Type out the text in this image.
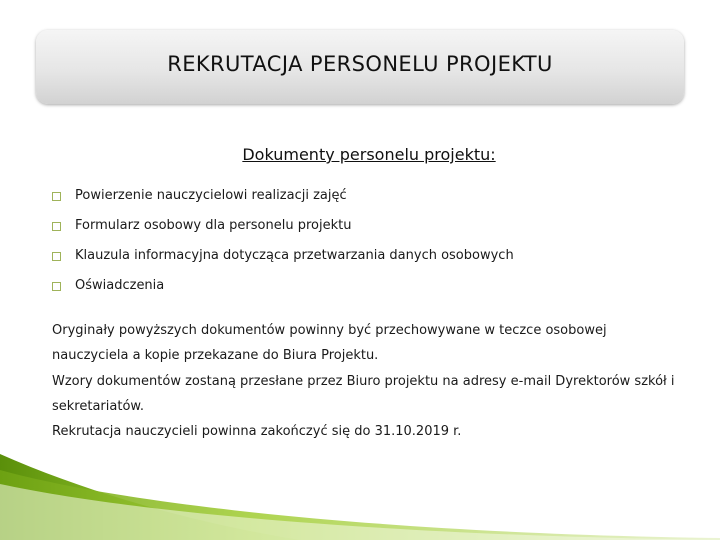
REKRUTACJA PERSONELU PROJEKTU
Dokumenty personelu projektu:
Powierzenie nauczycielowi realizacji zajęć
Formularz osobowy dla personelu projektu
Klauzula informacyjna dotycząca przetwarzania danych osobowych
Oświadczenia

Oryginały powyższych dokumentów powinny być przechowywane w teczce osobowej nauczyciela a kopie przekazane do Biura Projektu.

Wzory dokumentów zostaną przesłane przez Biuro projektu na adresy e-mail Dyrektorów szkół i sekretariatów.

Rekrutacja nauczycieli powinna zakończyć się do 31.10.2019 r.
